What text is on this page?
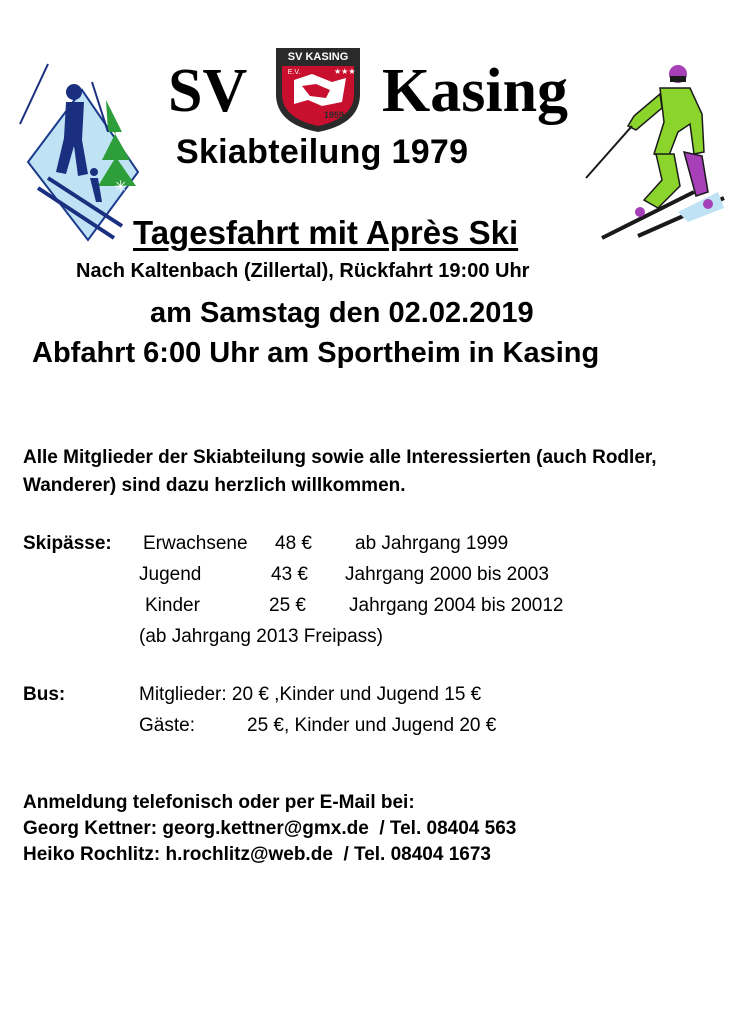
✳
SV KASING
E.V.	★★★
1959
SV Kasing
Skiabteilung 1979
Tagesfahrt mit Après Ski
Nach Kaltenbach (Zillertal), Rückfahrt 19:00 Uhr
am Samstag den 02.02.2019
Abfahrt 6:00 Uhr am Sportheim in Kasing
Alle Mitglieder der Skiabteilung sowie alle Interessierten (auch Rodler, Wanderer) sind dazu herzlich willkommen.
Skipässe: Erwachsene 48 € ab Jahrgang 1999
Jugend	43 € Jahrgang 2000 bis 2003
Kinder	25 € Jahrgang 2004 bis 20012
(ab Jahrgang 2013 Freipass)
Bus:	Mitglieder: 20 € ,Kinder und Jugend 15 €
Gäste:	25 €, Kinder und Jugend 20 €
Anmeldung telefonisch oder per E-Mail bei:
Georg Kettner: georg.kettner@gmx.de  / Tel. 08404 563
Heiko Rochlitz: h.rochlitz@web.de  / Tel. 08404 1673
